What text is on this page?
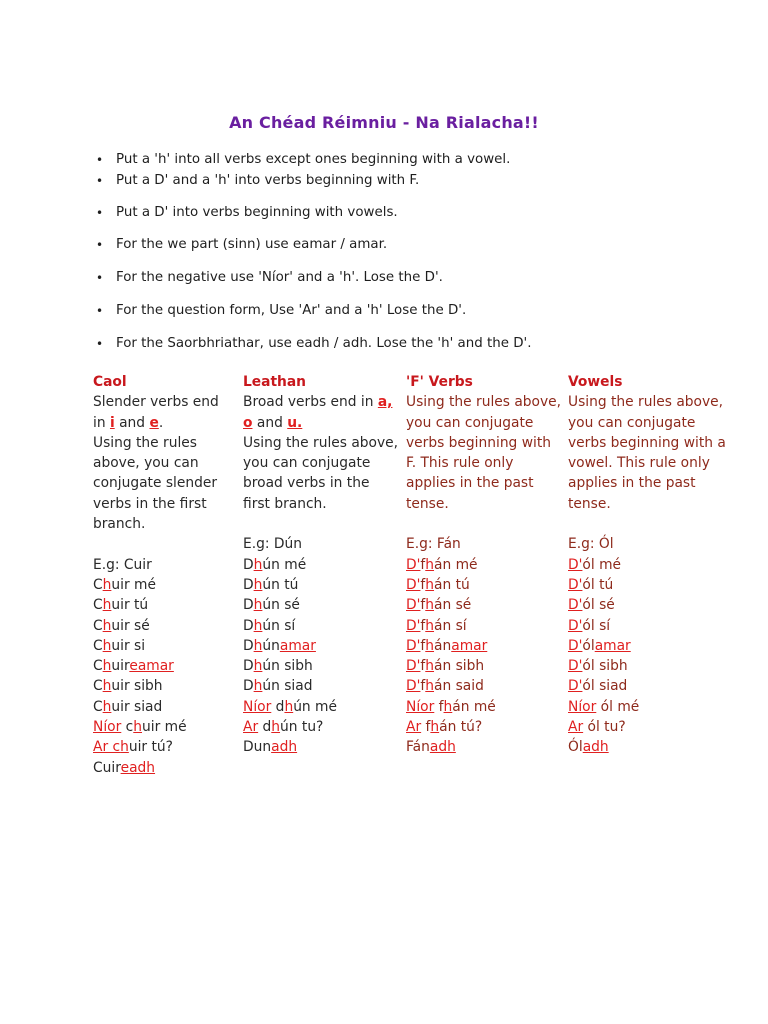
An Chéad Réimniu - Na Rialacha!!
• Put a 'h' into all verbs except ones beginning with a vowel.
• Put a D' and a 'h' into verbs beginning with F.
• Put a D' into verbs beginning with vowels.
• For the we part (sinn) use eamar / amar.
• For the negative use 'Níor' and a 'h'. Lose the D'.
• For the question form, Use 'Ar' and a 'h' Lose the D'.
• For the Saorbhriathar, use eadh / adh. Lose the 'h' and the D'.

Caol

Slender verbs end

in i and e.

Using the rules

above, you can

conjugate slender

verbs in the first

branch.

E.g: Cuir

Chuir mé

Chuir tú

Chuir sé

Chuir si

Chuireamar

Chuir sibh

Chuir siad

Níor chuir mé

Ar chuir tú?

Cuireadh

Leathan

Broad verbs end in a,

o and u.

Using the rules above,

you can conjugate

broad verbs in the

first branch.

E.g: Dún

Dhún mé

Dhún tú

Dhún sé

Dhún sí

Dhúnamar

Dhún sibh

Dhún siad

Níor dhún mé

Ar dhún tu?

Dunadh

'F' Verbs

Using the rules above,

you can conjugate

verbs beginning with

F. This rule only

applies in the past

tense.

E.g: Fán

D'fhán mé

D'fhán tú

D'fhán sé

D'fhán sí

D'fhánamar

D'fhán sibh

D'fhán said

Níor fhán mé

Ar fhán tú?

Fánadh

Vowels

Using the rules above,

you can conjugate

verbs beginning with a

vowel. This rule only

applies in the past

tense.

E.g: Ól

D'ól mé

D'ól tú

D'ól sé

D'ól sí

D'ólamar

D'ól sibh

D'ól siad

Níor ól mé

Ar ól tu?

Óladh
